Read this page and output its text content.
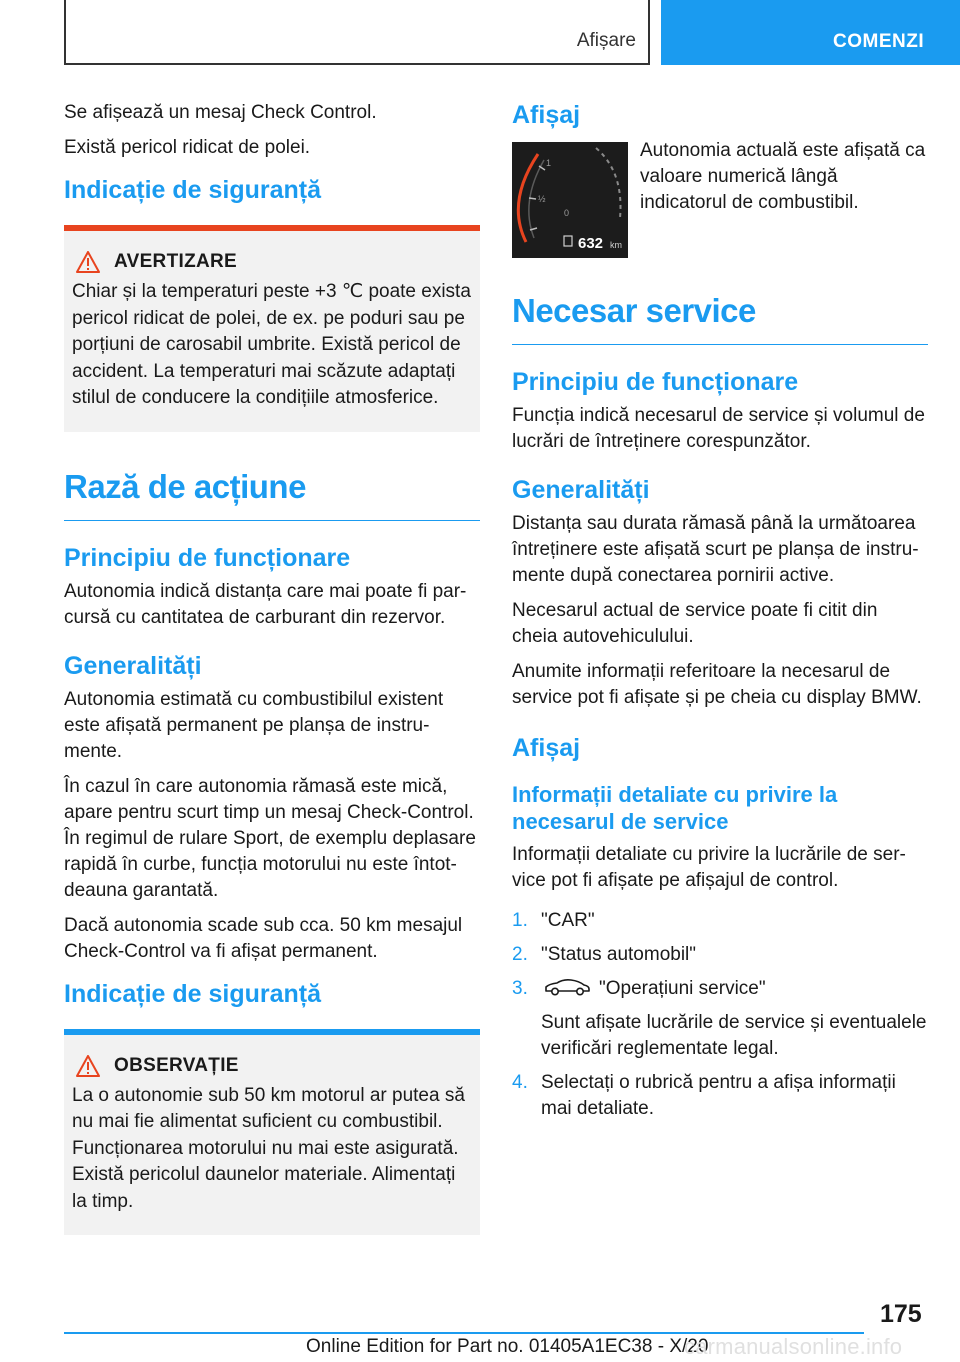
Afișare	COMENZI

Se afișează un mesaj Check Control.

Există pericol ridicat de polei.

Indicație de siguranță
AVERTIZARE

Chiar și la temperaturi peste +3 ℃ poate exista pericol ridicat de polei, de ex. pe poduri sau pe porțiuni de carosabil umbrite. Există pericol de accident. La temperaturi mai scăzute adaptați stilul de conducere la condițiile atmosferice.

Rază de acțiune
Principiu de funcționare

Autonomia indică distanța care mai poate fi par-cursă cu cantitatea de carburant din rezervor.

Generalități

Autonomia estimată cu combustibilul existent este afișată permanent pe planșa de instru-mente.

În cazul în care autonomia rămasă este mică, apare pentru scurt timp un mesaj Check-Control. În regimul de rulare Sport, de exemplu deplasare rapidă în curbe, funcția motorului nu este întot-deauna garantată.

Dacă autonomia scade sub cca. 50 km mesajul Check-Control va fi afișat permanent.

Indicație de siguranță
OBSERVAȚIE

La o autonomie sub 50 km motorul ar putea să nu mai fie alimentat suficient cu combustibil. Funcționarea motorului nu mai este asigurată. Există pericolul daunelor materiale. Alimentați la timp.

Afișaj
1
½
0
632 km
Autonomia actuală este afișată ca valoare numerică lângă indicatorul de combustibil.
Necesar service
Principiu de funcționare

Funcția indică necesarul de service și volumul de lucrări de întreținere corespunzător.

Generalități

Distanța sau durata rămasă până la următoarea întreținere este afișată scurt pe planșa de instru-mente după conectarea pornirii active.

Necesarul actual de service poate fi citit din cheia autovehiculului.

Anumite informații referitoare la necesarul de service pot fi afișate și pe cheia cu display BMW.

Afișaj
Informații detaliate cu privire la necesarul de service

Informații detaliate cu privire la lucrările de ser-vice pot fi afișate pe afișajul de control.

1. "CAR"
2. "Status automobil"
3.	"Operațiuni service"
Sunt afișate lucrările de service și eventualele verificări reglementate legal.
4. Selectați o rubrică pentru a afișa informații mai detaliate.
175
Online Edition for Part no. 01405A1EC38 - X/20
carmanualsonline.info
